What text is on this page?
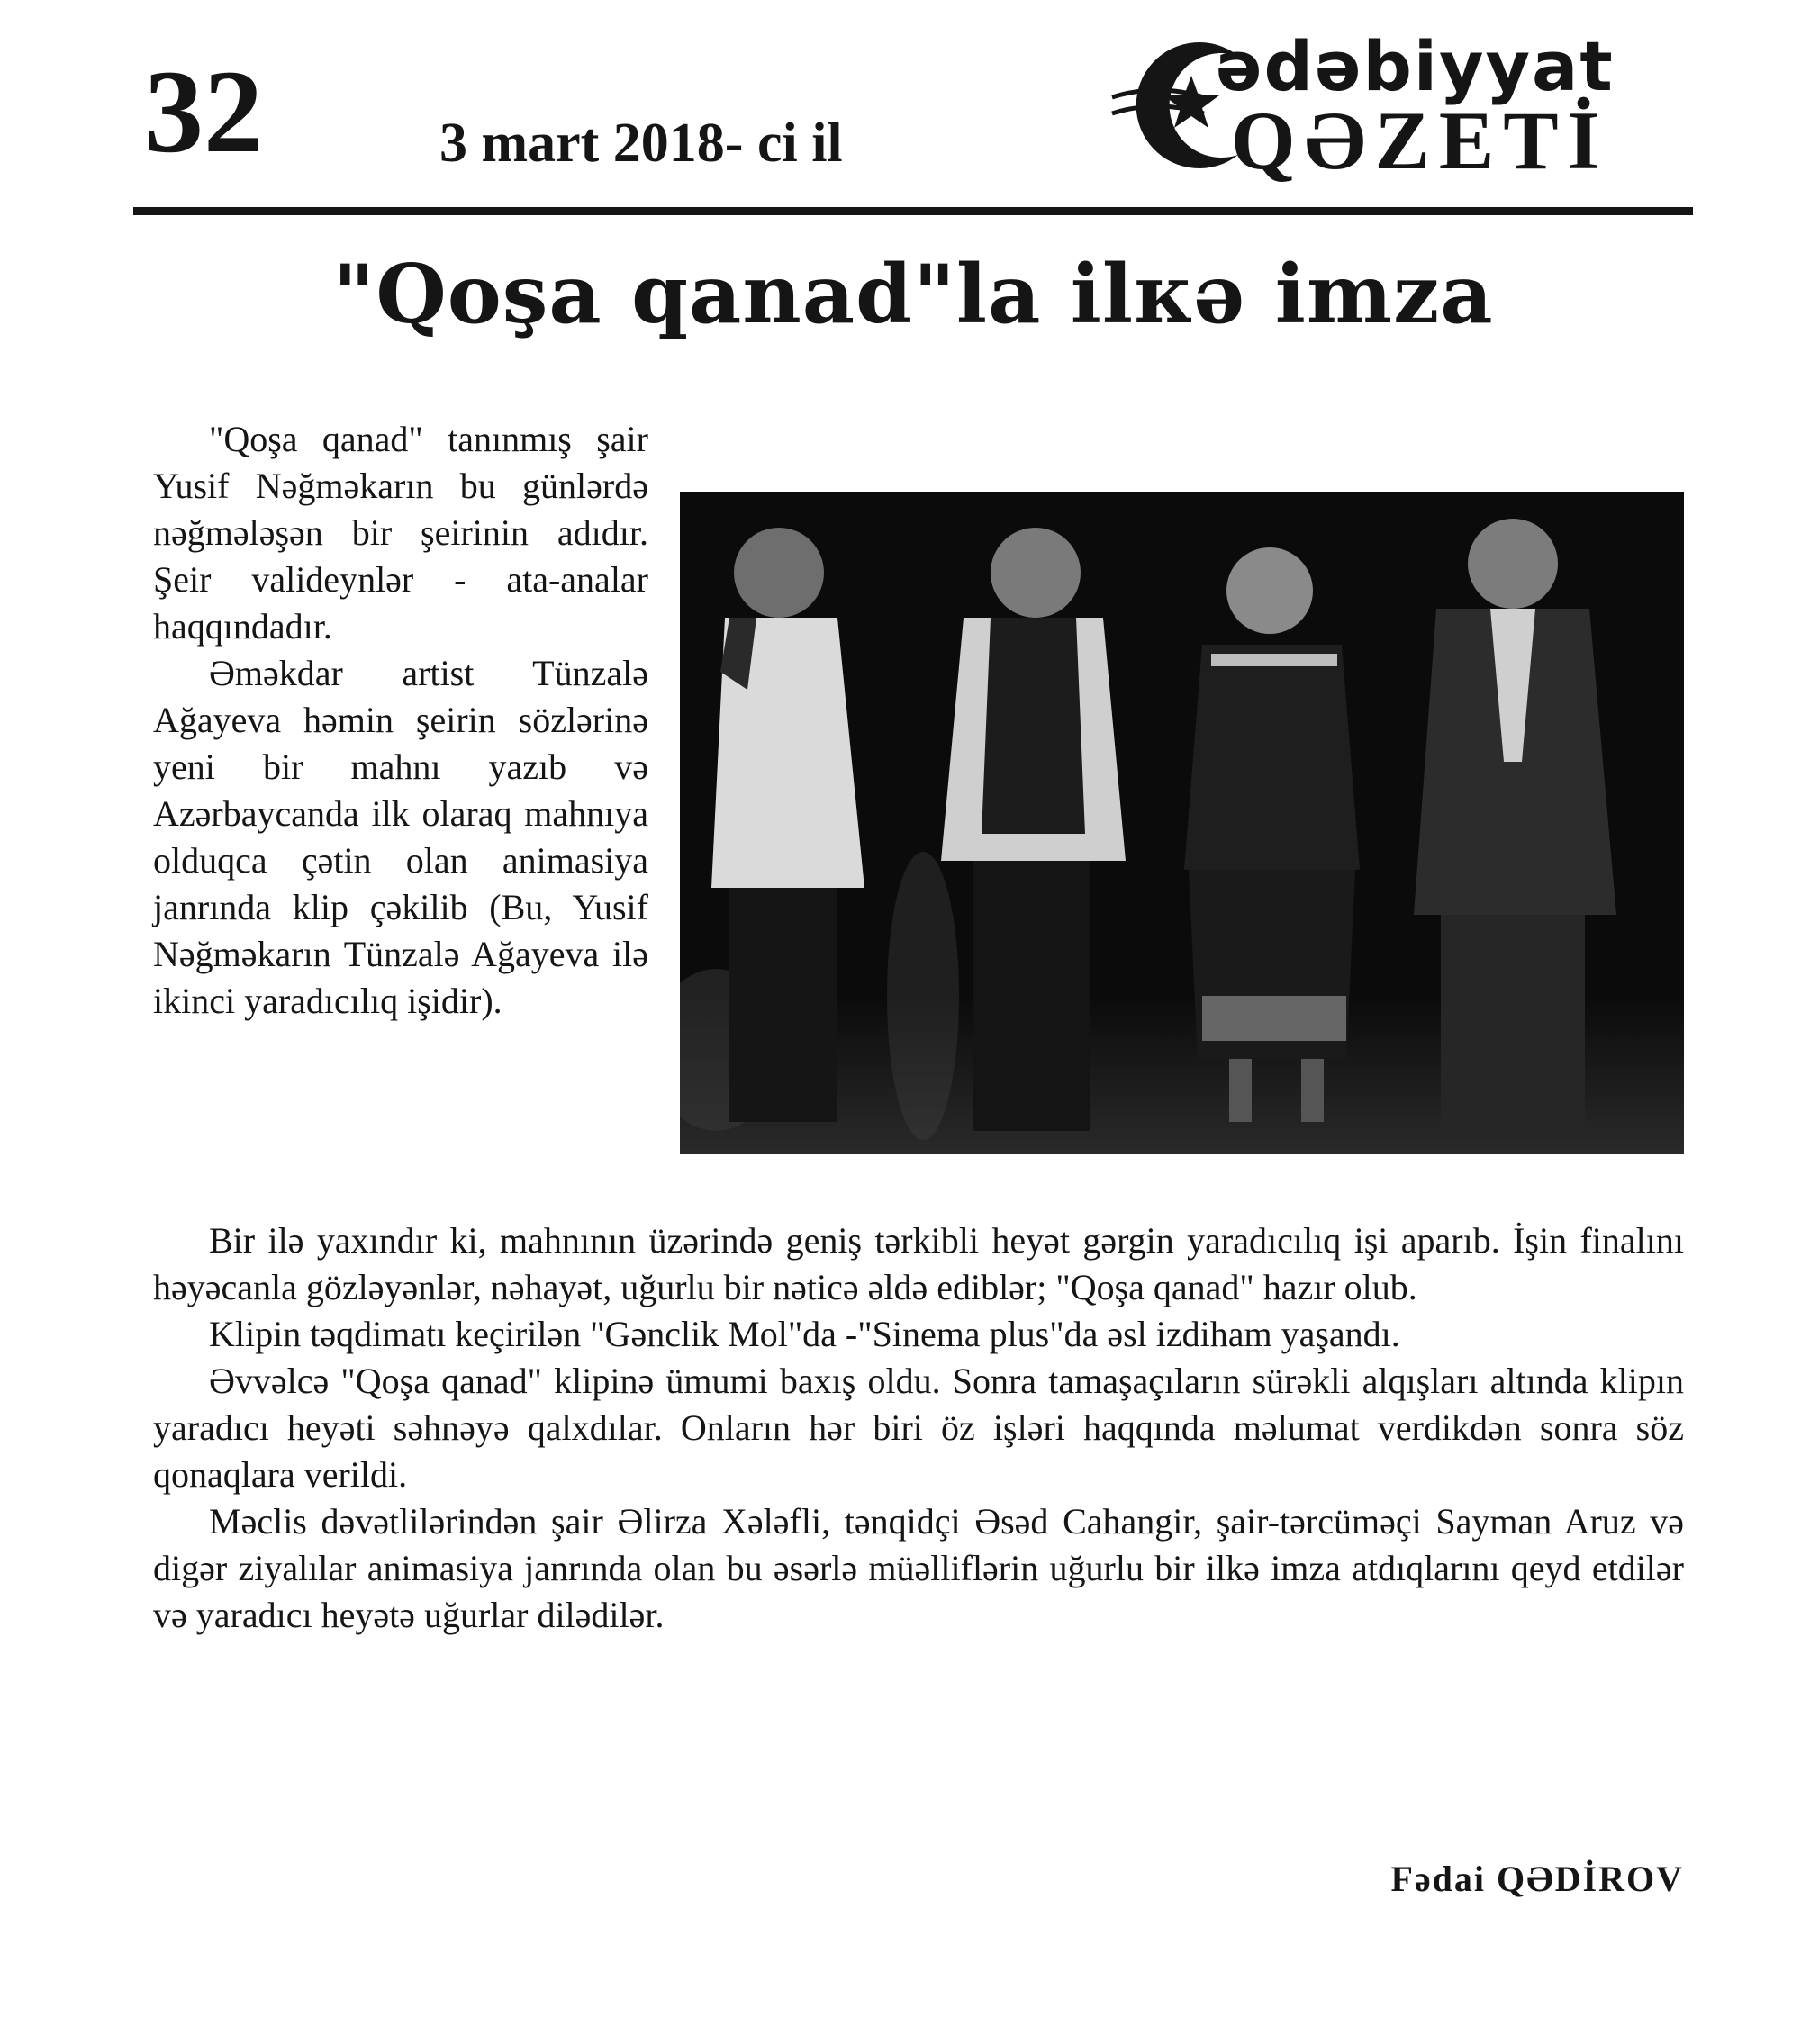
32	3 mart 2018- ci il
ədəbiyyat
QƏZETİ
"Qoşa qanad"la ilкə imza

"Qoşa qanad" tanınmış şair Yusif Nəğməkarın bu günlərdə nəğmələşən bir şeirinin adıdır. Şeir valideynlər - ata-analar haqqındadır.

Əməkdar artist Tünzalə Ağayeva həmin şeirin sözlərinə yeni bir mahnı yazıb və Azərbaycanda ilk olaraq mahnıya olduqca çətin olan animasiya janrında klip çəkilib (Bu, Yusif Nəğməkarın Tünzalə Ağayeva ilə ikinci yaradıcılıq işidir).

Bir ilə yaxındır ki, mahnının üzərində geniş tərkibli heyət gərgin yaradıcılıq işi aparıb. İşin finalını həyəcanla gözləyənlər, nəhayət, uğurlu bir nəticə əldə ediblər; "Qoşa qanad" hazır olub.

Klipin təqdimatı keçirilən "Gənclik Mol"da -"Sinema plus"da əsl izdiham yaşandı.

Əvvəlcə "Qoşa qanad" klipinə ümumi baxış oldu. Sonra tamaşaçıların sürəkli alqışları altında klipın yaradıcı heyəti səhnəyə qalxdılar. Onların hər biri öz işləri haqqında məlumat verdikdən sonra söz qonaqlara verildi.

Məclis dəvətlilərindən şair Əlirza Xələfli, tənqidçi Əsəd Cahangir, şair-tərcüməçi Sayman Aruz və digər ziyalılar animasiya janrında olan bu əsərlə müəlliflərin uğurlu bir ilkə imza atdıqlarını qeyd etdilər və yaradıcı heyətə uğurlar dilədilər.

Fədai QƏDİROV
